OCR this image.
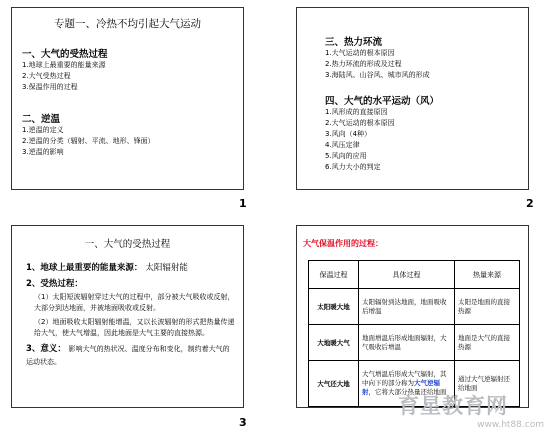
专题一、冷热不均引起大气运动
一、大气的受热过程
1.地球上最重要的能量来源
2.大气受热过程
3.保温作用的过程
二、逆温
1.逆温的定义
2.逆温的分类（辐射、平流、地形、锋面）
3.逆温的影响
1
三、热力环流
1.大气运动的根本原因
2.热力环流的形成及过程
3.海陆风、山谷风、城市风的形成
四、大气的水平运动（风）
1.风形成的直接原因
2.大气运动的根本原因
3.风向（4种）
4.风压定律
5.风向的应用
6.风力大小的判定
2
一、大气的受热过程
1、地球上最重要的能量来源： 太阳辐射能
2、受热过程：
（1）太阳短波辐射穿过大气的过程中，部分被大气吸收或反射，大部分到达地面，并被地面吸收或反射。
（2）地面吸收太阳辐射能增温，又以长波辐射的形式把热量传递给大气，使大气增温，因此地面是大气主要的直接热源。
3、意义： 影响大气的热状况、温度分布和变化，制约着大气的运动状态。
3
大气保温作用的过程：
保温过程	具体过程	热量来源
太阳暖大地	太阳辐射到达地面，地面吸收后增温	太阳是地面的直接热源
大地暖大气	地面增温后形成地面辐射，大气吸收后增温	地面是大气的直接热源
大气还大地	大气增温后形成大气辐射，其中向下的部分称为大气逆辐射，它将大部分热量还给地面	通过大气逆辐射还给地面
育星教育网
www.ht88.com
